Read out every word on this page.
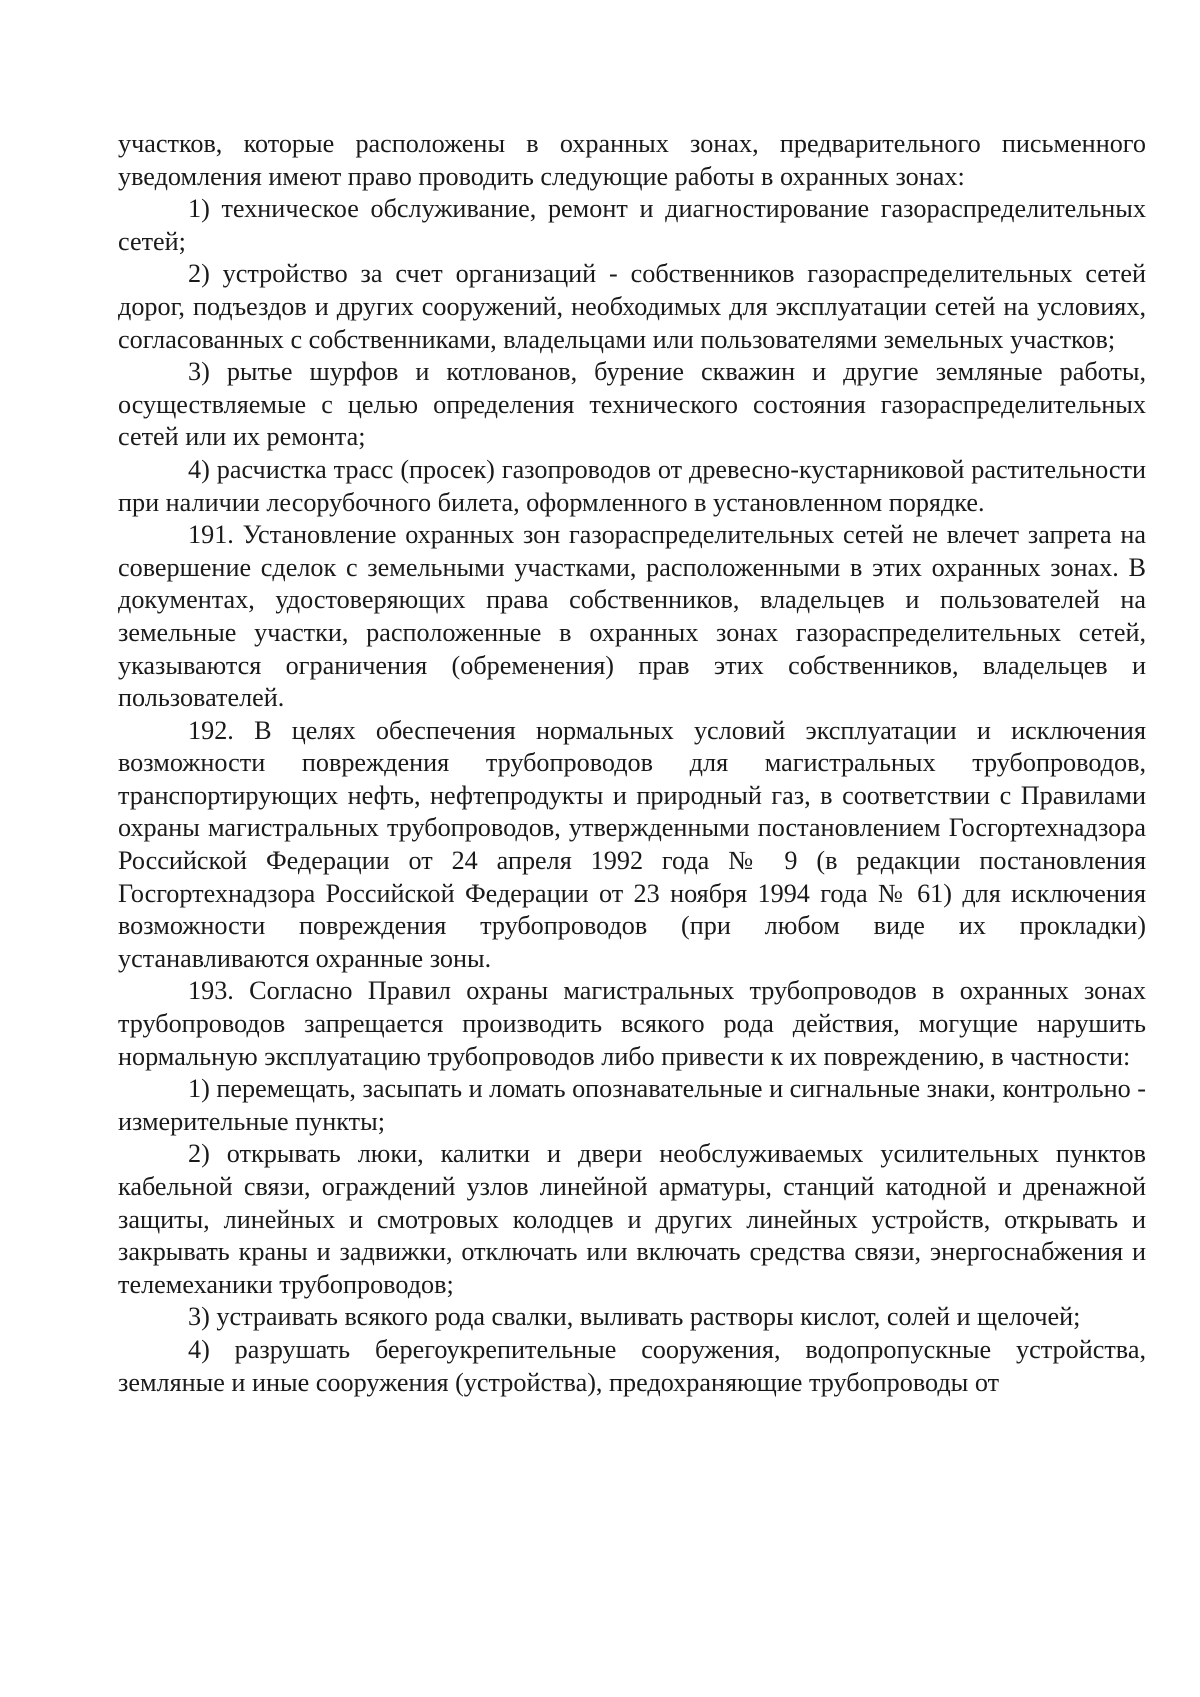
участков, которые расположены в охранных зонах, предварительного письменного уведомления имеют право проводить следующие работы в охранных зонах:

1) техническое обслуживание, ремонт и диагностирование газораспределительных сетей;

2) устройство за счет организаций - собственников газораспределительных сетей дорог, подъездов и других сооружений, необходимых для эксплуатации сетей на условиях, согласованных с собственниками, владельцами или пользователями земельных участков;

3) рытье шурфов и котлованов, бурение скважин и другие земляные работы, осуществляемые с целью определения технического состояния газораспределительных сетей или их ремонта;

4) расчистка трасс (просек) газопроводов от древесно-кустарниковой растительности при наличии лесорубочного билета, оформленного в установленном порядке.

191. Установление охранных зон газораспределительных сетей не влечет запрета на совершение сделок с земельными участками, расположенными в этих охранных зонах. В документах, удостоверяющих права собственников, владельцев и пользователей на земельные участки, расположенные в охранных зонах газораспределительных сетей, указываются ограничения (обременения) прав этих собственников, владельцев и пользователей.

192. В целях обеспечения нормальных условий эксплуатации и исключения возможности повреждения трубопроводов для магистральных трубопроводов, транспортирующих нефть, нефтепродукты и природный газ, в соответствии с Правилами охраны магистральных трубопроводов, утвержденными постановлением Госгортехнадзора Российской Федерации от 24 апреля 1992 года № 9 (в редакции постановления Госгортехнадзора Российской Федерации от 23 ноября 1994 года № 61) для исключения возможности повреждения трубопроводов (при любом виде их прокладки) устанавливаются охранные зоны.

193. Согласно Правил охраны магистральных трубопроводов в охранных зонах трубопроводов запрещается производить всякого рода действия, могущие нарушить нормальную эксплуатацию трубопроводов либо привести к их повреждению, в частности:

1) перемещать, засыпать и ломать опознавательные и сигнальные знаки, контрольно - измерительные пункты;

2) открывать люки, калитки и двери необслуживаемых усилительных пунктов кабельной связи, ограждений узлов линейной арматуры, станций катодной и дренажной защиты, линейных и смотровых колодцев и других линейных устройств, открывать и закрывать краны и задвижки, отключать или включать средства связи, энергоснабжения и телемеханики трубопроводов;

3) устраивать всякого рода свалки, выливать растворы кислот, солей и щелочей;

4) разрушать берегоукрепительные сооружения, водопропускные устройства, земляные и иные сооружения (устройства), предохраняющие трубопроводы от
